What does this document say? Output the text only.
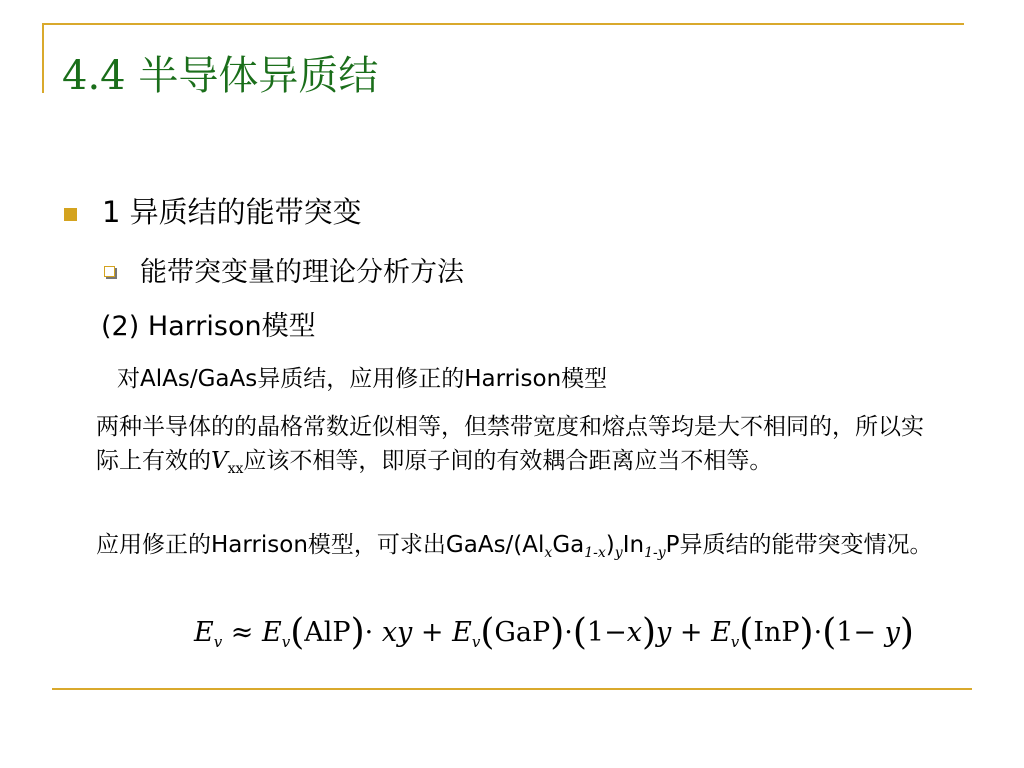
4.4 半导体异质结
1 异质结的能带突变
能带突变量的理论分析方法
(2) Harrison模型
对AlAs/GaAs异质结，应用修正的Harrison模型
两种半导体的的晶格常数近似相等，但禁带宽度和熔点等均是大不相同的，所以实际上有效的$V_{xx}$应该不相等，即原子间的有效耦合距离应当不相等。
应用修正的Harrison模型，可求出GaAs/$(Al_xGa_{1-x})_yIn_{1-y}P$异质结的能带突变情况。
$E_v \approx E_v(AlP)\cdot$ xy + $E_v(GaP)\cdot(1-x)y + E_v(InP)\cdot(1- y)$
